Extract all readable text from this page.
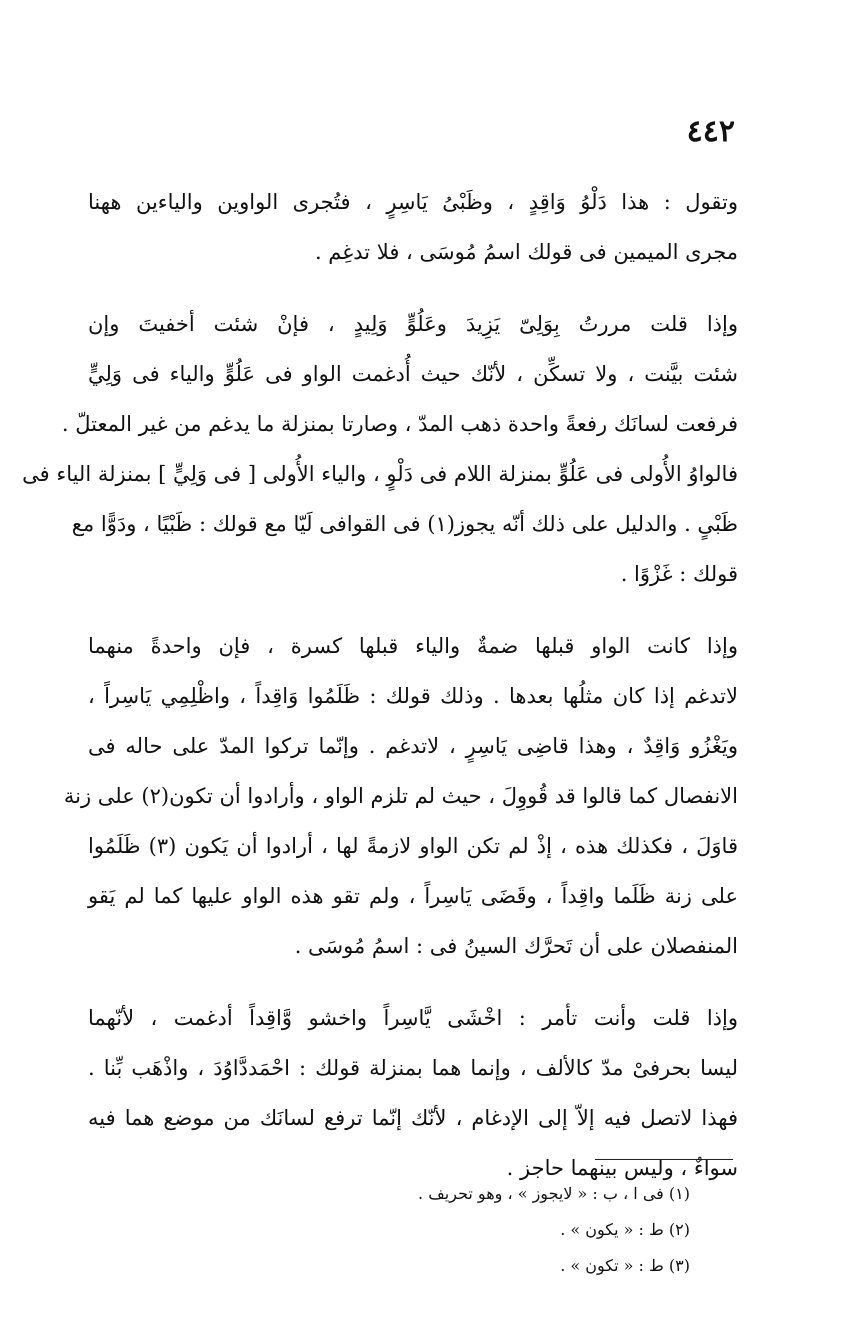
٤٤٢

وتقول : هذا دَلْوُ وَاقِدٍ ، وظَبْىُ يَاسِرٍ ، فتُجرى الواوين والياءين ههنا
مجرى الميمين فى قولك اسمُ مُوسَى ، فلا تدغِم .

وإذا قلت مررتُ بِوَلِىّ يَزِيدَ وعَلُوٍّ وَلِيدٍ ، فإنْ شئت أخفيتَ وإن
شئت بيَّنت ، ولا تسكِّن ، لأنّك حيث أُدغمت الواو فى عَلُوٍّ والياء فى وَلِيٍّ
فرفعت لسانَك رفعةً واحدة ذهب المدّ ، وصارتا بمنزلة ما يدغم من غير المعتلّ .
فالواوُ الأُولى فى عَلُوٍّ بمنزلة اللام فى دَلْوٍ ، والياء الأُولى [ فى وَلِيٍّ ] بمنزلة الياء فى
ظَبْىٍ . والدليل على ذلك أنّه يجوز(١) فى القوافى لَيّا مع قولك : ظَبْيًا ، ودَوًّا مع
قولك : غَزْوًا .

وإذا كانت الواو قبلها ضمةٌ والياء قبلها كسرة ، فإن واحدةً منهما
لاتدغم إذا كان مثلُها بعدها . وذلك قولك : ظَلَمُوا وَاقِداً ، واظْلِمِي يَاسِراً ،
ويَغْزُو وَاقِدٌ ، وهذا قاضِى يَاسِرٍ ، لاتدغم . وإنّما تركوا المدّ على حاله فى
الانفصال كما قالوا قد قُووِلَ ، حيث لم تلزم الواو ، وأرادوا أن تكون(٢) على زنة
قاوَلَ ، فكذلك هذه ، إذْ لم تكن الواو لازمةً لها ، أرادوا أن يَكون (٣) ظَلَمُوا
على زنة ظَلَما واقِداً ، وقَضَى يَاسِراً ، ولم تقو هذه الواو عليها كما لم يَقو
المنفصلان على أن تَحرَّك السينُ فى : اسمُ مُوسَى .

وإذا قلت وأنت تأمر : اخْشَى يَّاسِراً واخشو وَّاقِداً أدغمت ، لأنّهما
ليسا بحرفىْ مدّ كالألف ، وإنما هما بمنزلة قولك : احْمَددَّاوُدَ ، واذْهَب بِّنا .
فهذا لاتصل فيه إلاّ إلى الإدغام ، لأنّك إنّما ترفع لسانَك من موضع هما فيه
سواءٌ ، وليس بينهما حاجز .

(١) فى ا ، ب : « لايجوز » ، وهو تحريف .
(٢) ط : « يكون » .
(٣) ط : « تكون » .
